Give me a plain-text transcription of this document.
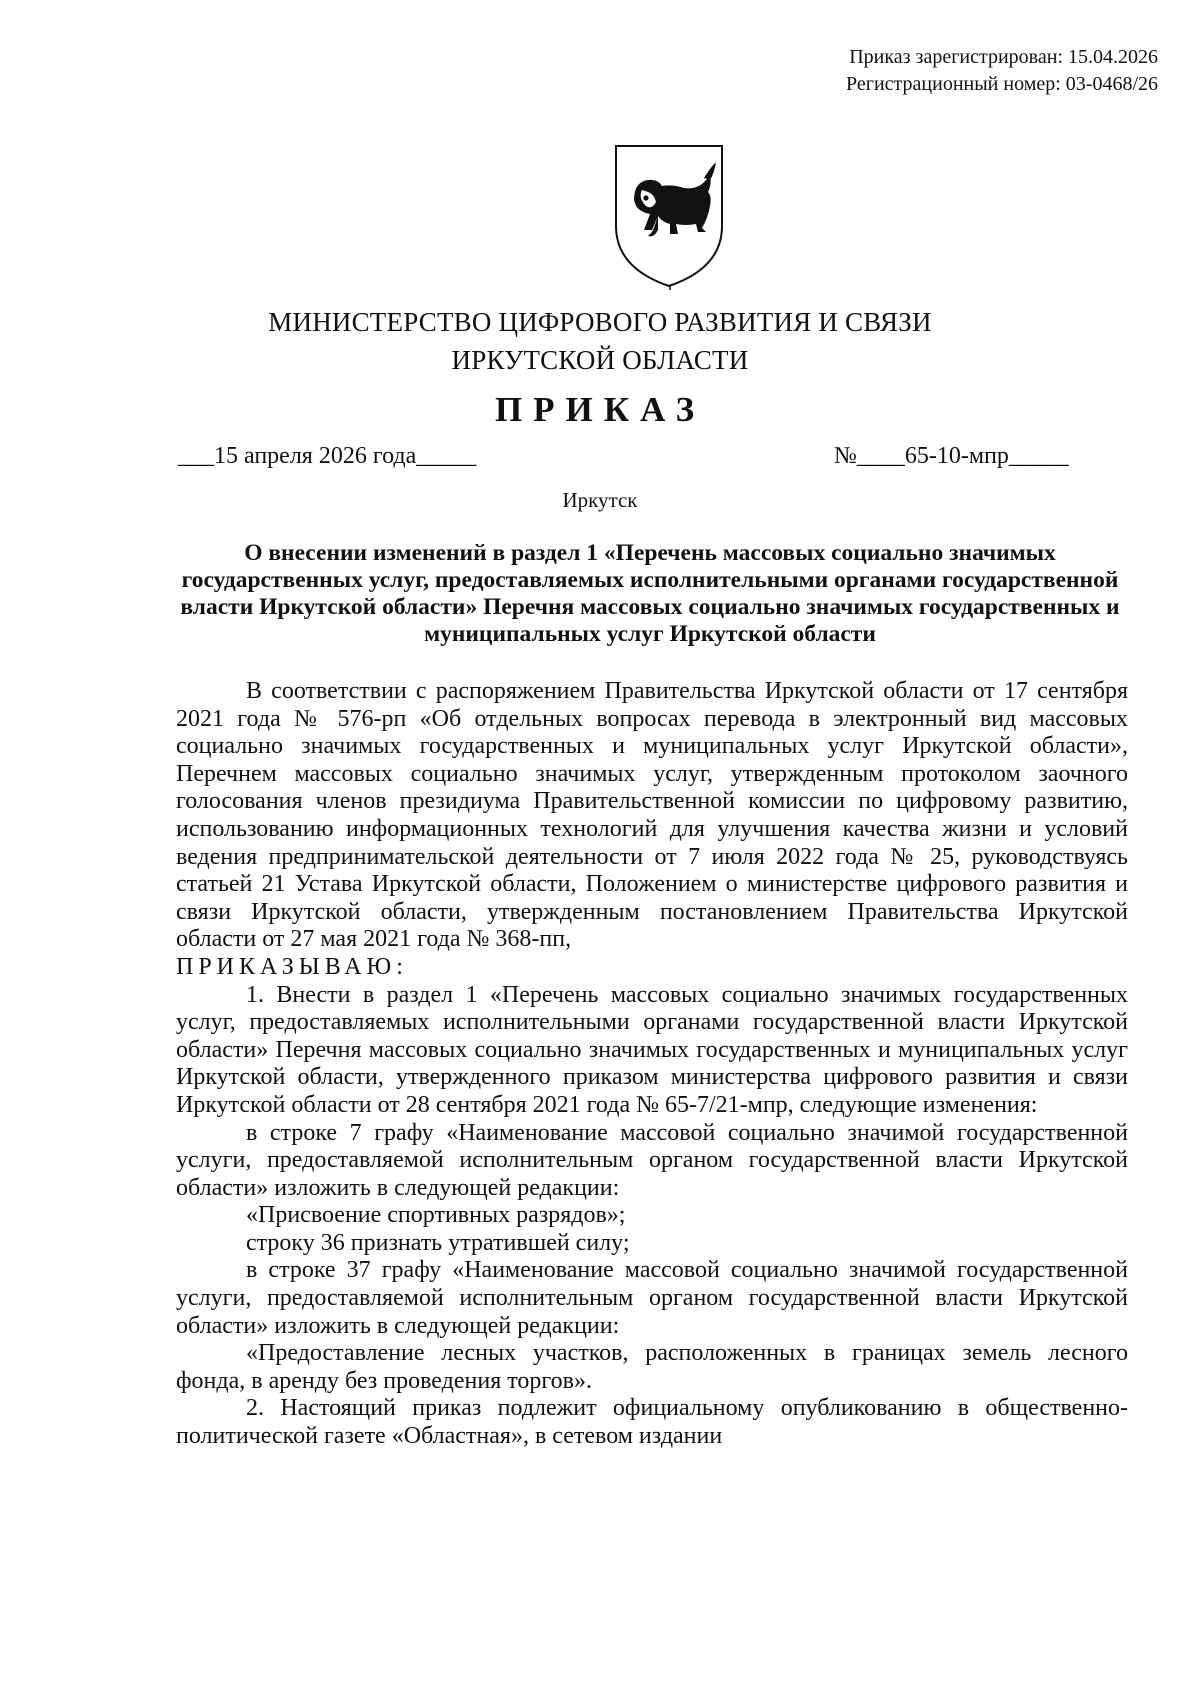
Приказ зарегистрирован: 15.04.2026
Регистрационный номер: 03-0468/26
МИНИСТЕРСТВО ЦИФРОВОГО РАЗВИТИЯ И СВЯЗИ
ИРКУТСКОЙ ОБЛАСТИ
ПРИКАЗ
___15 апреля 2026 года_____	№____65-10-мпр_____
Иркутск
О внесении изменений в раздел 1 «Перечень массовых социально значимых государственных услуг, предоставляемых исполнительными органами государственной власти Иркутской области» Перечня массовых социально значимых государственных и муниципальных услуг Иркутской области

В соответствии с распоряжением Правительства Иркутской области от 17 сентября 2021 года № 576-рп «Об отдельных вопросах перевода в электронный вид массовых социально значимых государственных и муниципальных услуг Иркутской области», Перечнем массовых социально значимых услуг, утвержденным протоколом заочного голосования членов президиума Правительственной комиссии по цифровому развитию, использованию информационных технологий для улучшения качества жизни и условий ведения предпринимательской деятельности от 7 июля 2022 года № 25, руководствуясь статьей 21 Устава Иркутской области, Положением о министерстве цифрового развития и связи Иркутской области, утвержденным постановлением Правительства Иркутской области от 27 мая 2021 года № 368-пп,

ПРИКАЗЫВАЮ:

1. Внести в раздел 1 «Перечень массовых социально значимых государственных услуг, предоставляемых исполнительными органами государственной власти Иркутской области» Перечня массовых социально значимых государственных и муниципальных услуг Иркутской области, утвержденного приказом министерства цифрового развития и связи Иркутской области от 28 сентября 2021 года № 65-7/21-мпр, следующие изменения:

в строке 7 графу «Наименование массовой социально значимой государственной услуги, предоставляемой исполнительным органом государственной власти Иркутской области» изложить в следующей редакции:

«Присвоение спортивных разрядов»;

строку 36 признать утратившей силу;

в строке 37 графу «Наименование массовой социально значимой государственной услуги, предоставляемой исполнительным органом государственной власти Иркутской области» изложить в следующей редакции:

«Предоставление лесных участков, расположенных в границах земель лесного фонда, в аренду без проведения торгов».

2. Настоящий приказ подлежит официальному опубликованию в общественно-политической газете «Областная», в сетевом издании
